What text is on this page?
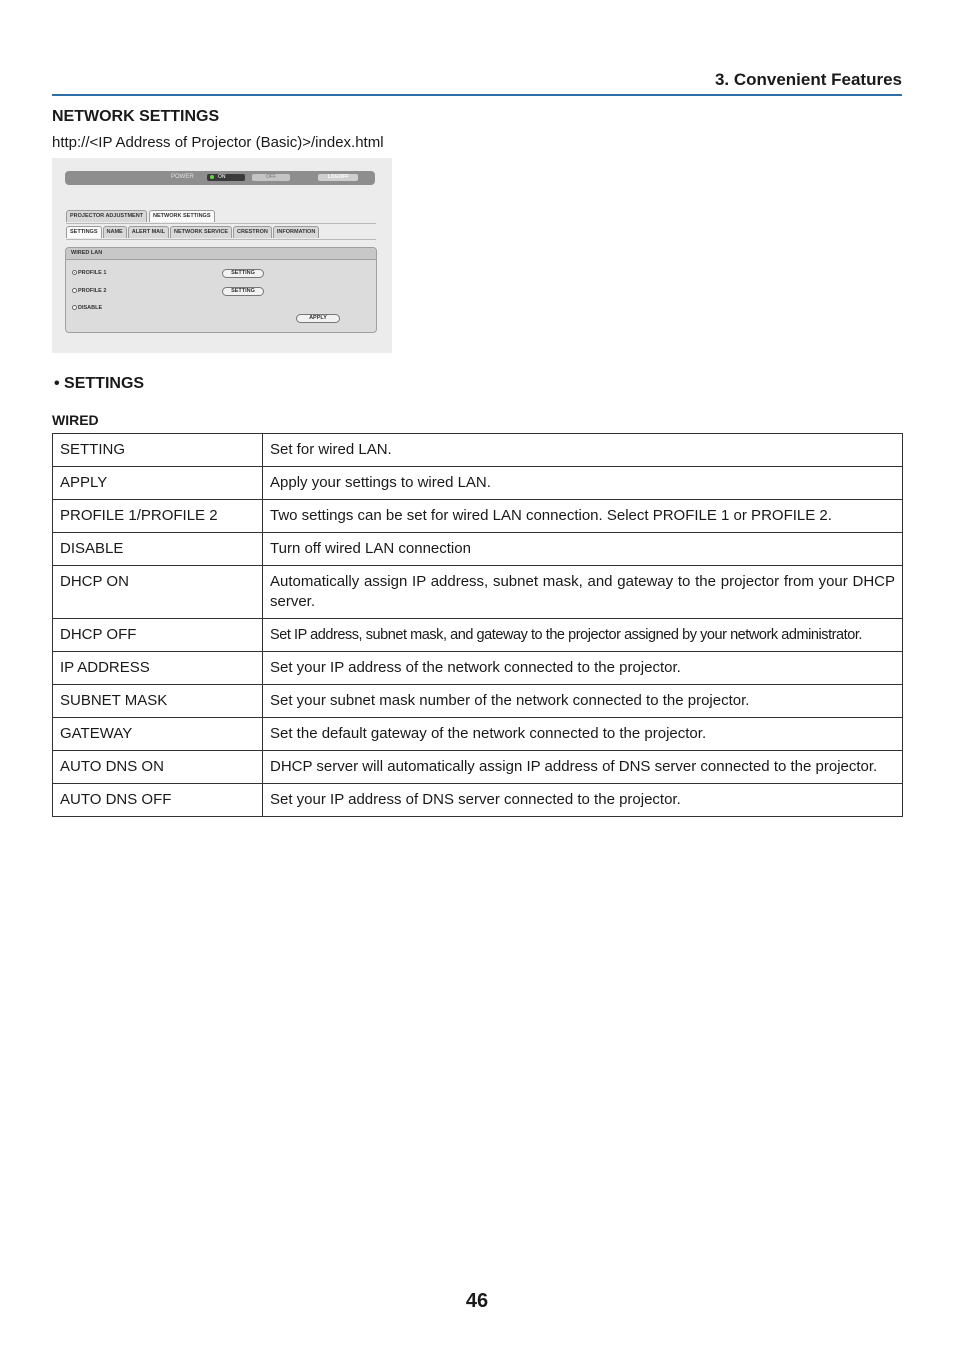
3. Convenient Features
NETWORK SETTINGS
http://<IP Address of Projector (Basic)>/index.html
POWER	ON	OFF	LOGOFF
PROJECTOR ADJUSTMENT	NETWORK SETTINGS
SETTINGS	NAME	ALERT MAIL	NETWORK SERVICE	CRESTRON	INFORMATION
WIRED LAN
PROFILE 1
PROFILE 2
DISABLE
SETTING
SETTING
APPLY
• SETTINGS
WIRED
SETTING	Set for wired LAN.
APPLY	Apply your settings to wired LAN.
PROFILE 1/PROFILE 2	Two settings can be set for wired LAN connection. Select PROFILE 1 or PROFILE 2.
DISABLE	Turn off wired LAN connection
DHCP ON	Automatically assign IP address, subnet mask, and gateway to the projector from your DHCP server.
DHCP OFF	Set IP address, subnet mask, and gateway to the projector assigned by your network administrator.
IP ADDRESS	Set your IP address of the network connected to the projector.
SUBNET MASK	Set your subnet mask number of the network connected to the projector.
GATEWAY	Set the default gateway of the network connected to the projector.
AUTO DNS ON	DHCP server will automatically assign IP address of DNS server connected to the projector.
AUTO DNS OFF	Set your IP address of DNS server connected to the projector.
46
